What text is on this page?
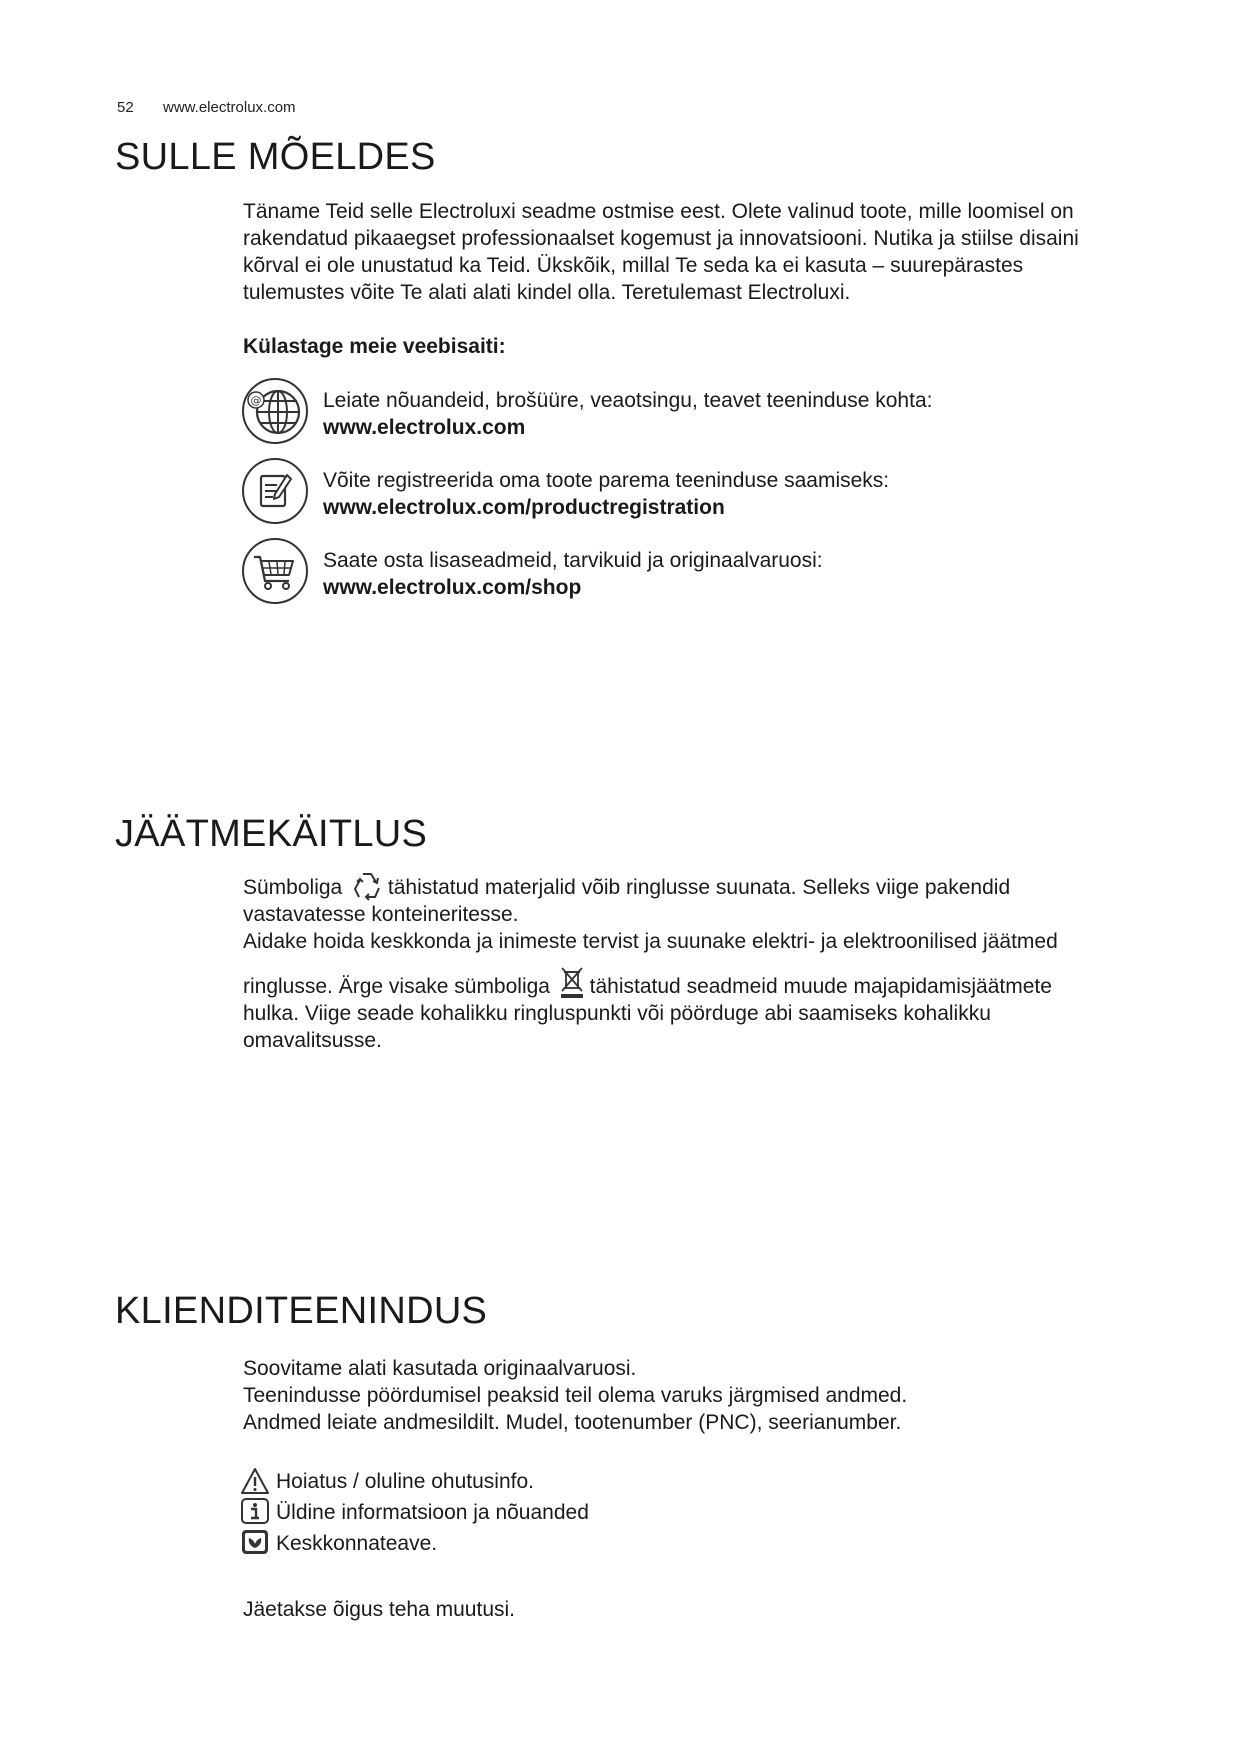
52 www.electrolux.com
SULLE MÕELDES

Täname Teid selle Electroluxi seadme ostmise eest. Olete valinud toote, mille loomisel on

rakendatud pikaaegset professionaalset kogemust ja innovatsiooni. Nutika ja stiilse disaini

kõrval ei ole unustatud ka Teid. Ükskõik, millal Te seda ka ei kasuta – suurepärastes

tulemustes võite Te alati alati kindel olla. Teretulemast Electroluxi.

Külastage meie veebisaiti:
@	Leiate nõuandeid, brošüüre, veaotsingu, teavet teeninduse kohta:
www.electrolux.com
Võite registreerida oma toote parema teeninduse saamiseks:
www.electrolux.com/productregistration
Saate osta lisaseadmeid, tarvikuid ja originaalvaruosi:
www.electrolux.com/shop
JÄÄTMEKÄITLUS

Sümboliga tähistatud materjalid võib ringlusse suunata. Selleks viige pakendid

vastavatesse konteineritesse.

Aidake hoida keskkonda ja inimeste tervist ja suunake elektri- ja elektroonilised jäätmed

ringlusse. Ärge visake sümboliga tähistatud seadmeid muude majapidamisjäätmete

hulka. Viige seade kohalikku ringluspunkti või pöörduge abi saamiseks kohalikku

omavalitsusse.

KLIENDITEENINDUS

Soovitame alati kasutada originaalvaruosi.

Teenindusse pöördumisel peaksid teil olema varuks järgmised andmed.

Andmed leiate andmesildilt. Mudel, tootenumber (PNC), seerianumber.

Hoiatus / oluline ohutusinfo.
Üldine informatsioon ja nõuanded
Keskkonnateave.
Jäetakse õigus teha muutusi.
